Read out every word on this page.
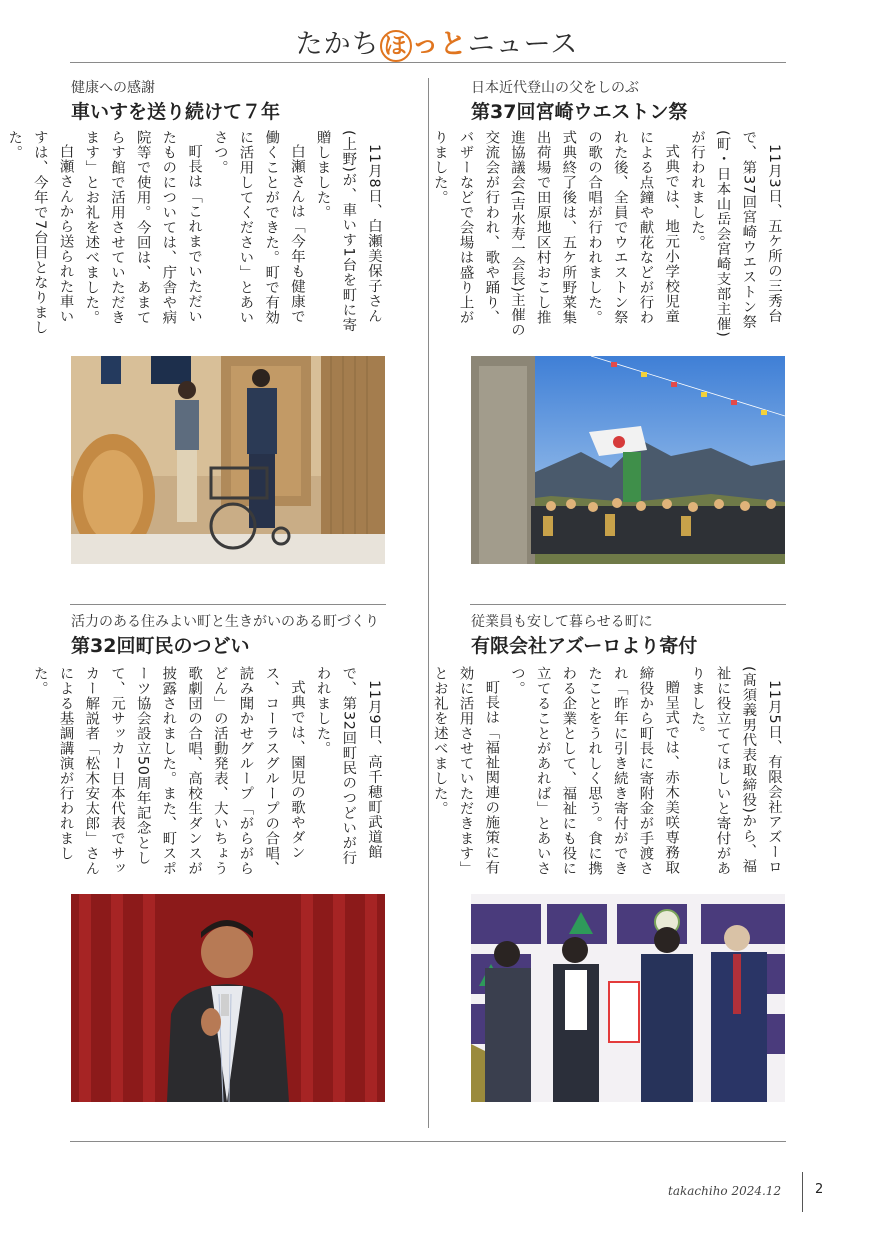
たかち ほ っとニュース
日本近代登山の父をしのぶ
第37回宮崎ウエストン祭

11月3日、五ケ所の三秀台で、第37回宮崎ウエストン祭(町・日本山岳会宮崎支部主催)が行われました。

式典では、地元小学校児童による点鐘や献花などが行われた後、全員でウエストン祭の歌の合唱が行われました。式典終了後は、五ケ所野菜集出荷場で田原地区村おこし推進協議会(吉水寿一会長)主催の交流会が行われ、歌や踊り、バザーなどで会場は盛り上がりました。

健康への感謝
車いすを送り続けて７年

11月8日、白瀬美保子さん(上野)が、車いす1台を町に寄贈しました。

白瀬さんは「今年も健康で働くことができた。町で有効に活用してください」とあいさつ。

町長は「これまでいただいたものについては、庁舎や病院等で使用。今回は、あまてらす館で活用させていただきます」とお礼を述べました。

白瀬さんから送られた車いすは、今年で7台目となりました。

従業員も安して暮らせる町に
有限会社アズーロより寄付

11月5日、有限会社アズーロ(髙須義男代表取締役)から、福祉に役立ててほしいと寄付がありました。

贈呈式では、赤木美咲専務取締役から町長に寄附金が手渡され「昨年に引き続き寄付ができたことをうれしく思う。食に携わる企業として、福祉にも役に立てることがあれば」とあいさつ。

町長は「福祉関連の施策に有効に活用させていただきます」とお礼を述べました。

活力のある住みよい町と生きがいのある町づくり
第32回町民のつどい

11月9日、高千穂町武道館で、第32回町民のつどいが行われました。

式典では、園児の歌やダンス、コーラスグループの合唱、読み聞かせグループ「がらがらどん」の活動発表、大いちょう歌劇団の合唱、高校生ダンスが披露されました。また、町スポーツ協会設立50周年記念として、元サッカー日本代表でサッカー解説者「松木安太郎」さんによる基調講演が行われました。

takachiho 2024.12	2
